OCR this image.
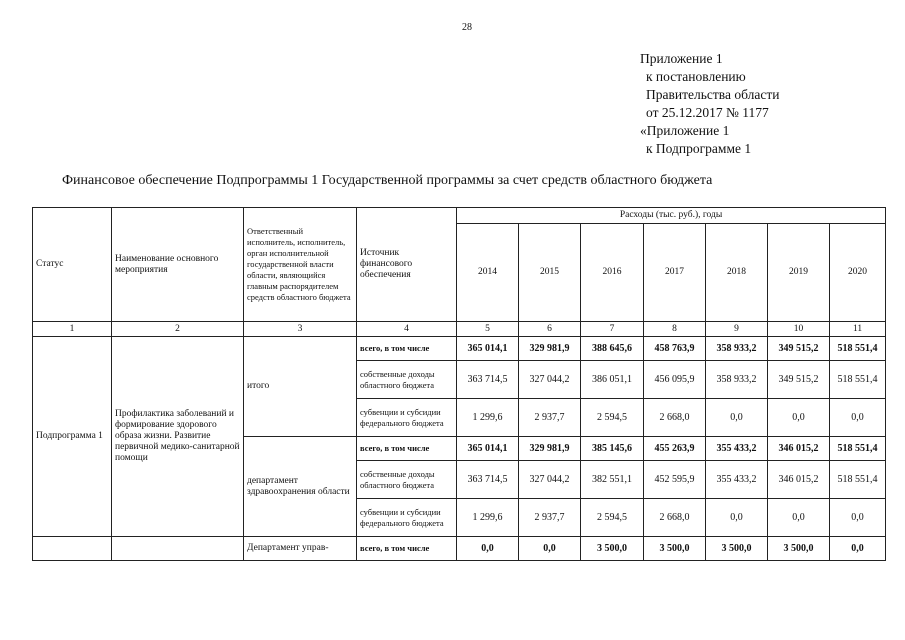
28
Приложение 1
к постановлению
Правительства области
от 25.12.2017 № 1177
«Приложение 1
к Подпрограмме 1
Финансовое обеспечение Подпрограммы 1 Государственной программы за счет средств областного бюджета
Статус	Наименование основного мероприятия	Ответственный исполнитель, исполнитель, орган исполнительной государственной власти области, являющийся главным распорядителем средств областного бюджета	Источник финансового обеспечения	Расходы (тыс. руб.), годы						
				2014	2015	2016	2017	2018	2019	2020
1	2	3	4	5	6	7	8	9	10	11
Подпрограмма 1	Профилактика заболеваний и формирование здорового образа жизни. Развитие первичной медико-санитарной помощи	итого	всего, в том числе	365 014,1	329 981,9	388 645,6	458 763,9	358 933,2	349 515,2	518 551,4
			собственные доходы областного бюджета	363 714,5	327 044,2	386 051,1	456 095,9	358 933,2	349 515,2	518 551,4
			субвенции и субсидии федерального бюджета	1 299,6	2 937,7	2 594,5	2 668,0	0,0	0,0	0,0
		департамент здравоохранения области	всего, в том числе	365 014,1	329 981,9	385 145,6	455 263,9	355 433,2	346 015,2	518 551,4
			собственные доходы областного бюджета	363 714,5	327 044,2	382 551,1	452 595,9	355 433,2	346 015,2	518 551,4
			субвенции и субсидии федерального бюджета	1 299,6	2 937,7	2 594,5	2 668,0	0,0	0,0	0,0
		Департамент управ-	всего, в том числе	0,0	0,0	3 500,0	3 500,0	3 500,0	3 500,0	0,0
